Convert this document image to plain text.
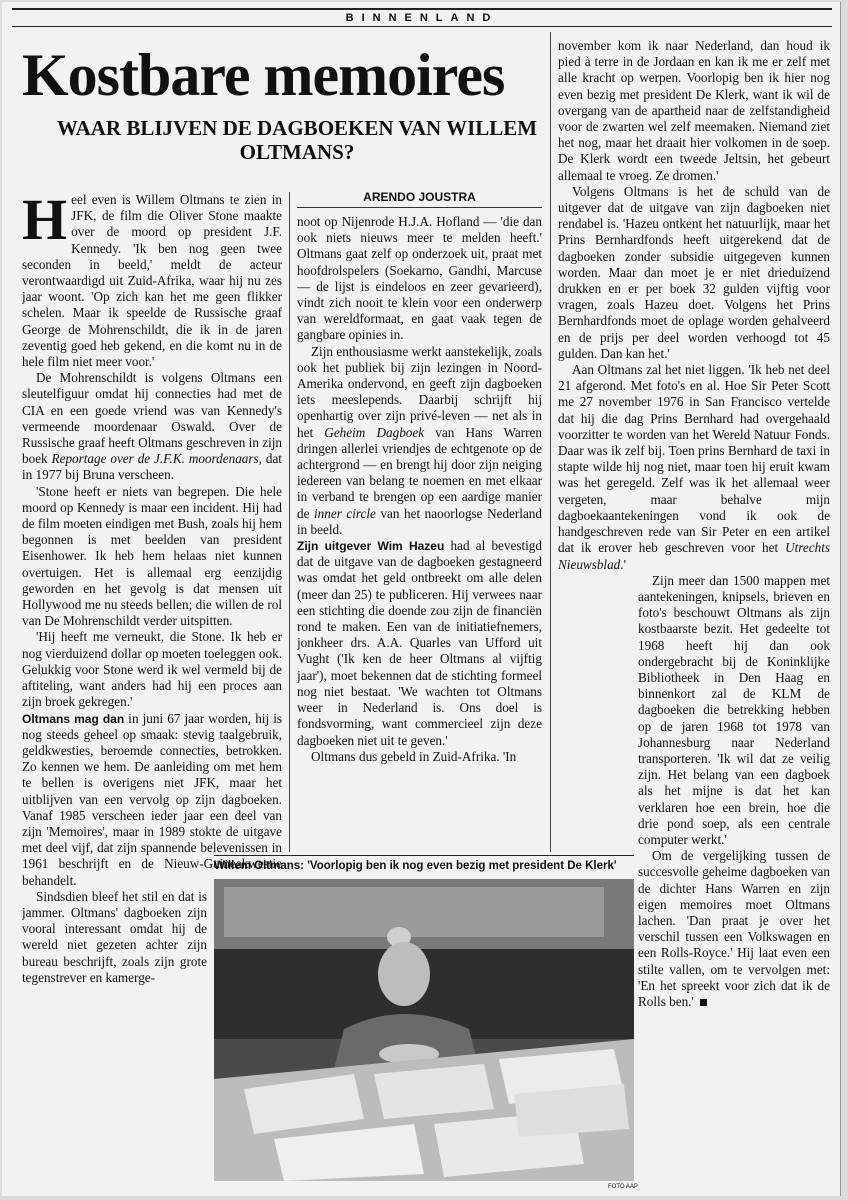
BINNENLAND
Kostbare memoires
WAAR BLIJVEN DE DAGBOEKEN VAN WILLEM OLTMANS?
ARENDO JOUSTRA

Heel even is Willem Oltmans te zien in JFK, de film die Oliver Stone maakte over de moord op president J.F. Kennedy. 'Ik ben nog geen twee seconden in beeld,' meldt de acteur verontwaardigd uit Zuid-Afrika, waar hij nu zes jaar woont. 'Op zich kan het me geen flikker schelen. Maar ik speelde de Russische graaf George de Mohrenschildt, die ik in de jaren zeventig goed heb gekend, en die komt nu in de hele film niet meer voor.'

De Mohrenschildt is volgens Oltmans een sleutelfiguur omdat hij connecties had met de CIA en een goede vriend was van Kennedy's vermeende moordenaar Oswald. Over de Russische graaf heeft Oltmans geschreven in zijn boek Reportage over de J.F.K. moordenaars, dat in 1977 bij Bruna verscheen.

'Stone heeft er niets van begrepen. Die hele moord op Kennedy is maar een incident. Hij had de film moeten eindigen met Bush, zoals hij hem begonnen is met beelden van president Eisenhower. Ik heb hem helaas niet kunnen overtuigen. Het is allemaal erg eenzijdig geworden en het gevolg is dat mensen uit Hollywood me nu steeds bellen; die willen de rol van De Mohrenschildt verder uitspitten.

'Hij heeft me verneukt, die Stone. Ik heb er nog vierduizend dollar op moeten toeleggen ook. Gelukkig voor Stone werd ik wel vermeld bij de aftiteling, want anders had hij een proces aan zijn broek gekregen.'

Oltmans mag dan in juni 67 jaar worden, hij is nog steeds geheel op smaak: stevig taalgebruik, geldkwesties, beroemde connecties, betrokken. Zo kennen we hem. De aanleiding om met hem te bellen is overigens niet JFK, maar het uitblijven van een vervolg op zijn dagboeken. Vanaf 1985 verscheen ieder jaar een deel van zijn 'Memoires', maar in 1989 stokte de uitgave met deel vijf, dat zijn spannende belevenissen in 1961 beschrijft en de Nieuw-Guineakwestie behandelt.

Sindsdien bleef het stil en dat is jammer. Oltmans' dagboeken zijn vooral interessant omdat hij de wereld niet gezeten achter zijn bureau beschrijft, zoals zijn grote tegenstrever en kamerge-

noot op Nijenrode H.J.A. Hofland — 'die dan ook niets nieuws meer te melden heeft.' Oltmans gaat zelf op onderzoek uit, praat met hoofdrolspelers (Soekarno, Gandhi, Marcuse — de lijst is eindeloos en zeer gevarieerd), vindt zich nooit te klein voor een onderwerp van wereldformaat, en gaat vaak tegen de gangbare opinies in.

Zijn enthousiasme werkt aanstekelijk, zoals ook het publiek bij zijn lezingen in Noord-Amerika ondervond, en geeft zijn dagboeken iets meeslepends. Daarbij schrijft hij openhartig over zijn privé-leven — net als in het Geheim Dagboek van Hans Warren dringen allerlei vriendjes de echtgenote op de achtergrond — en brengt hij door zijn neiging iedereen van belang te noemen en met elkaar in verband te brengen op een aardige manier de inner circle van het naoorlogse Nederland in beeld.

Zijn uitgever Wim Hazeu had al bevestigd dat de uitgave van de dagboeken gestagneerd was omdat het geld ontbreekt om alle delen (meer dan 25) te publiceren. Hij verwees naar een stichting die doende zou zijn de financiën rond te maken. Een van de initiatiefnemers, jonkheer drs. A.A. Quarles van Ufford uit Vught ('Ik ken de heer Oltmans al vijftig jaar'), moet bekennen dat de stichting formeel nog niet bestaat. 'We wachten tot Oltmans weer in Nederland is. Ons doel is fondsvorming, want commercieel zijn deze dagboeken niet uit te geven.'

Oltmans dus gebeld in Zuid-Afrika. 'In

november kom ik naar Nederland, dan houd ik pied à terre in de Jordaan en kan ik me er zelf met alle kracht op werpen. Voorlopig ben ik hier nog even bezig met president De Klerk, want ik wil de overgang van de apartheid naar de zelfstandigheid voor de zwarten wel zelf meemaken. Niemand ziet het nog, maar het draait hier volkomen in de soep. De Klerk wordt een tweede Jeltsin, het gebeurt allemaal te vroeg. Ze dromen.'

Volgens Oltmans is het de schuld van de uitgever dat de uitgave van zijn dagboeken niet rendabel is. 'Hazeu ontkent het natuurlijk, maar het Prins Bernhardfonds heeft uitgerekend dat de dagboeken zonder subsidie uitgegeven kunnen worden. Maar dan moet je er niet drieduizend drukken en er per boek 32 gulden vijftig voor vragen, zoals Hazeu doet. Volgens het Prins Bernhardfonds moet de oplage worden gehalveerd en de prijs per deel worden verhoogd tot 45 gulden. Dan kan het.'

Aan Oltmans zal het niet liggen. 'Ik heb net deel 21 afgerond. Met foto's en al. Hoe Sir Peter Scott me 27 november 1976 in San Francisco vertelde dat hij die dag Prins Bernhard had overgehaald voorzitter te worden van het Wereld Natuur Fonds. Daar was ik zelf bij. Toen prins Bernhard de taxi in stapte wilde hij nog niet, maar toen hij eruit kwam was het geregeld. Zelf was ik het allemaal weer vergeten, maar behalve mijn dagboekaantekeningen vond ik ook de handgeschreven rede van Sir Peter en een artikel dat ik erover heb geschreven voor het Utrechts Nieuwsblad.'

Zijn meer dan 1500 mappen met aantekeningen, knipsels, brieven en foto's beschouwt Oltmans als zijn kostbaarste bezit. Het gedeelte tot 1968 heeft hij dan ook ondergebracht bij de Koninklijke Bibliotheek in Den Haag en binnenkort zal de KLM de dagboeken die betrekking hebben op de jaren 1968 tot 1978 van Johannesburg naar Nederland transporteren. 'Ik wil dat ze veilig zijn. Het belang van een dagboek als het mijne is dat het kan verklaren hoe een brein, hoe die drie pond soep, als een centrale computer werkt.'

Om de vergelijking tussen de succesvolle geheime dagboeken van de dichter Hans Warren en zijn eigen memoires moet Oltmans lachen. 'Dan praat je over het verschil tussen een Volkswagen en een Rolls-Royce.' Hij laat even een stilte vallen, om te vervolgen met: 'En het spreekt voor zich dat ik de Rolls ben.'

Willem Oltmans: 'Voorlopig ben ik nog even bezig met president De Klerk'
FOTO AAP
